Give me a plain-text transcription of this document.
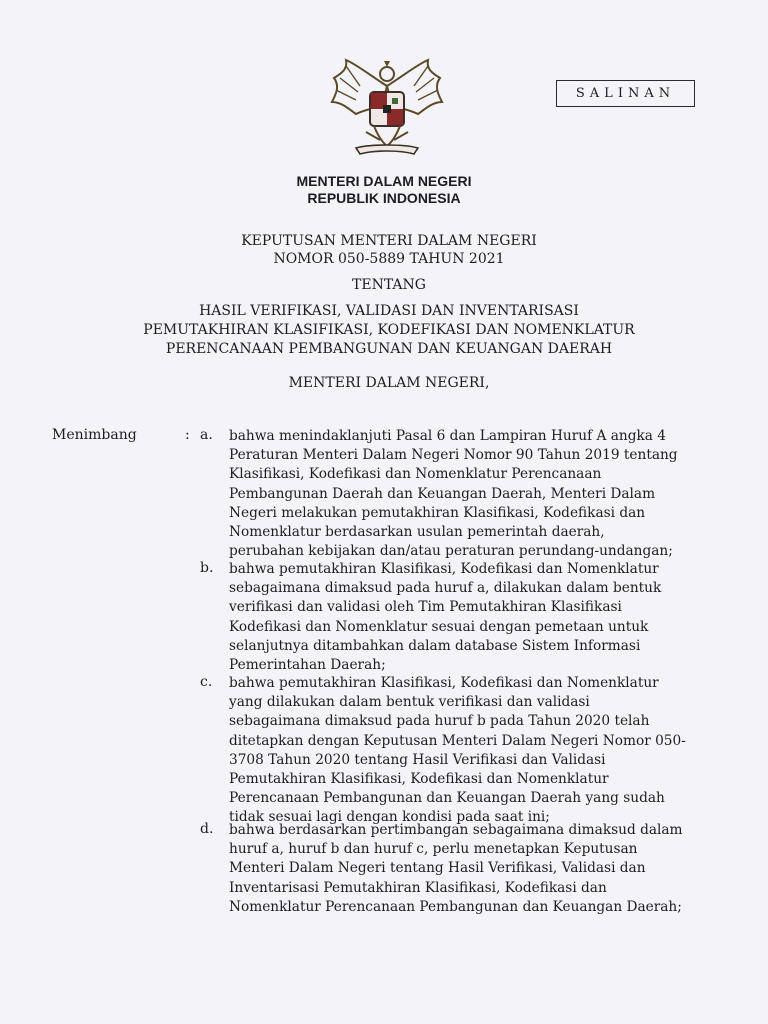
SALINAN
MENTERI DALAM NEGERI
REPUBLIK INDONESIA
KEPUTUSAN MENTERI DALAM NEGERI
NOMOR 050-5889 TAHUN 2021
TENTANG
HASIL VERIFIKASI, VALIDASI DAN INVENTARISASI
PEMUTAKHIRAN KLASIFIKASI, KODEFIKASI DAN NOMENKLATUR
PERENCANAAN PEMBANGUNAN DAN KEUANGAN DAERAH
MENTERI DALAM NEGERI,
Menimbang	: a. bahwa menindaklanjuti Pasal 6 dan Lampiran Huruf A angka 4

Peraturan Menteri Dalam Negeri Nomor 90 Tahun 2019 tentang

Klasifikasi, Kodefikasi dan Nomenklatur Perencanaan

Pembangunan Daerah dan Keuangan Daerah, Menteri Dalam

Negeri melakukan pemutakhiran Klasifikasi, Kodefikasi dan

Nomenklatur berdasarkan usulan pemerintah daerah,

perubahan kebijakan dan/atau peraturan perundang-undangan;

b. bahwa pemutakhiran Klasifikasi, Kodefikasi dan Nomenklatur

sebagaimana dimaksud pada huruf a, dilakukan dalam bentuk

verifikasi dan validasi oleh Tim Pemutakhiran Klasifikasi

Kodefikasi dan Nomenklatur sesuai dengan pemetaan untuk

selanjutnya ditambahkan dalam database Sistem Informasi

Pemerintahan Daerah;

c. bahwa pemutakhiran Klasifikasi, Kodefikasi dan Nomenklatur

yang dilakukan dalam bentuk verifikasi dan validasi

sebagaimana dimaksud pada huruf b pada Tahun 2020 telah

ditetapkan dengan Keputusan Menteri Dalam Negeri Nomor 050-

3708 Tahun 2020 tentang Hasil Verifikasi dan Validasi

Pemutakhiran Klasifikasi, Kodefikasi dan Nomenklatur

Perencanaan Pembangunan dan Keuangan Daerah yang sudah

tidak sesuai lagi dengan kondisi pada saat ini;

d. bahwa berdasarkan pertimbangan sebagaimana dimaksud dalam

huruf a, huruf b dan huruf c, perlu menetapkan Keputusan

Menteri Dalam Negeri tentang Hasil Verifikasi, Validasi dan

Inventarisasi Pemutakhiran Klasifikasi, Kodefikasi dan

Nomenklatur Perencanaan Pembangunan dan Keuangan Daerah;
